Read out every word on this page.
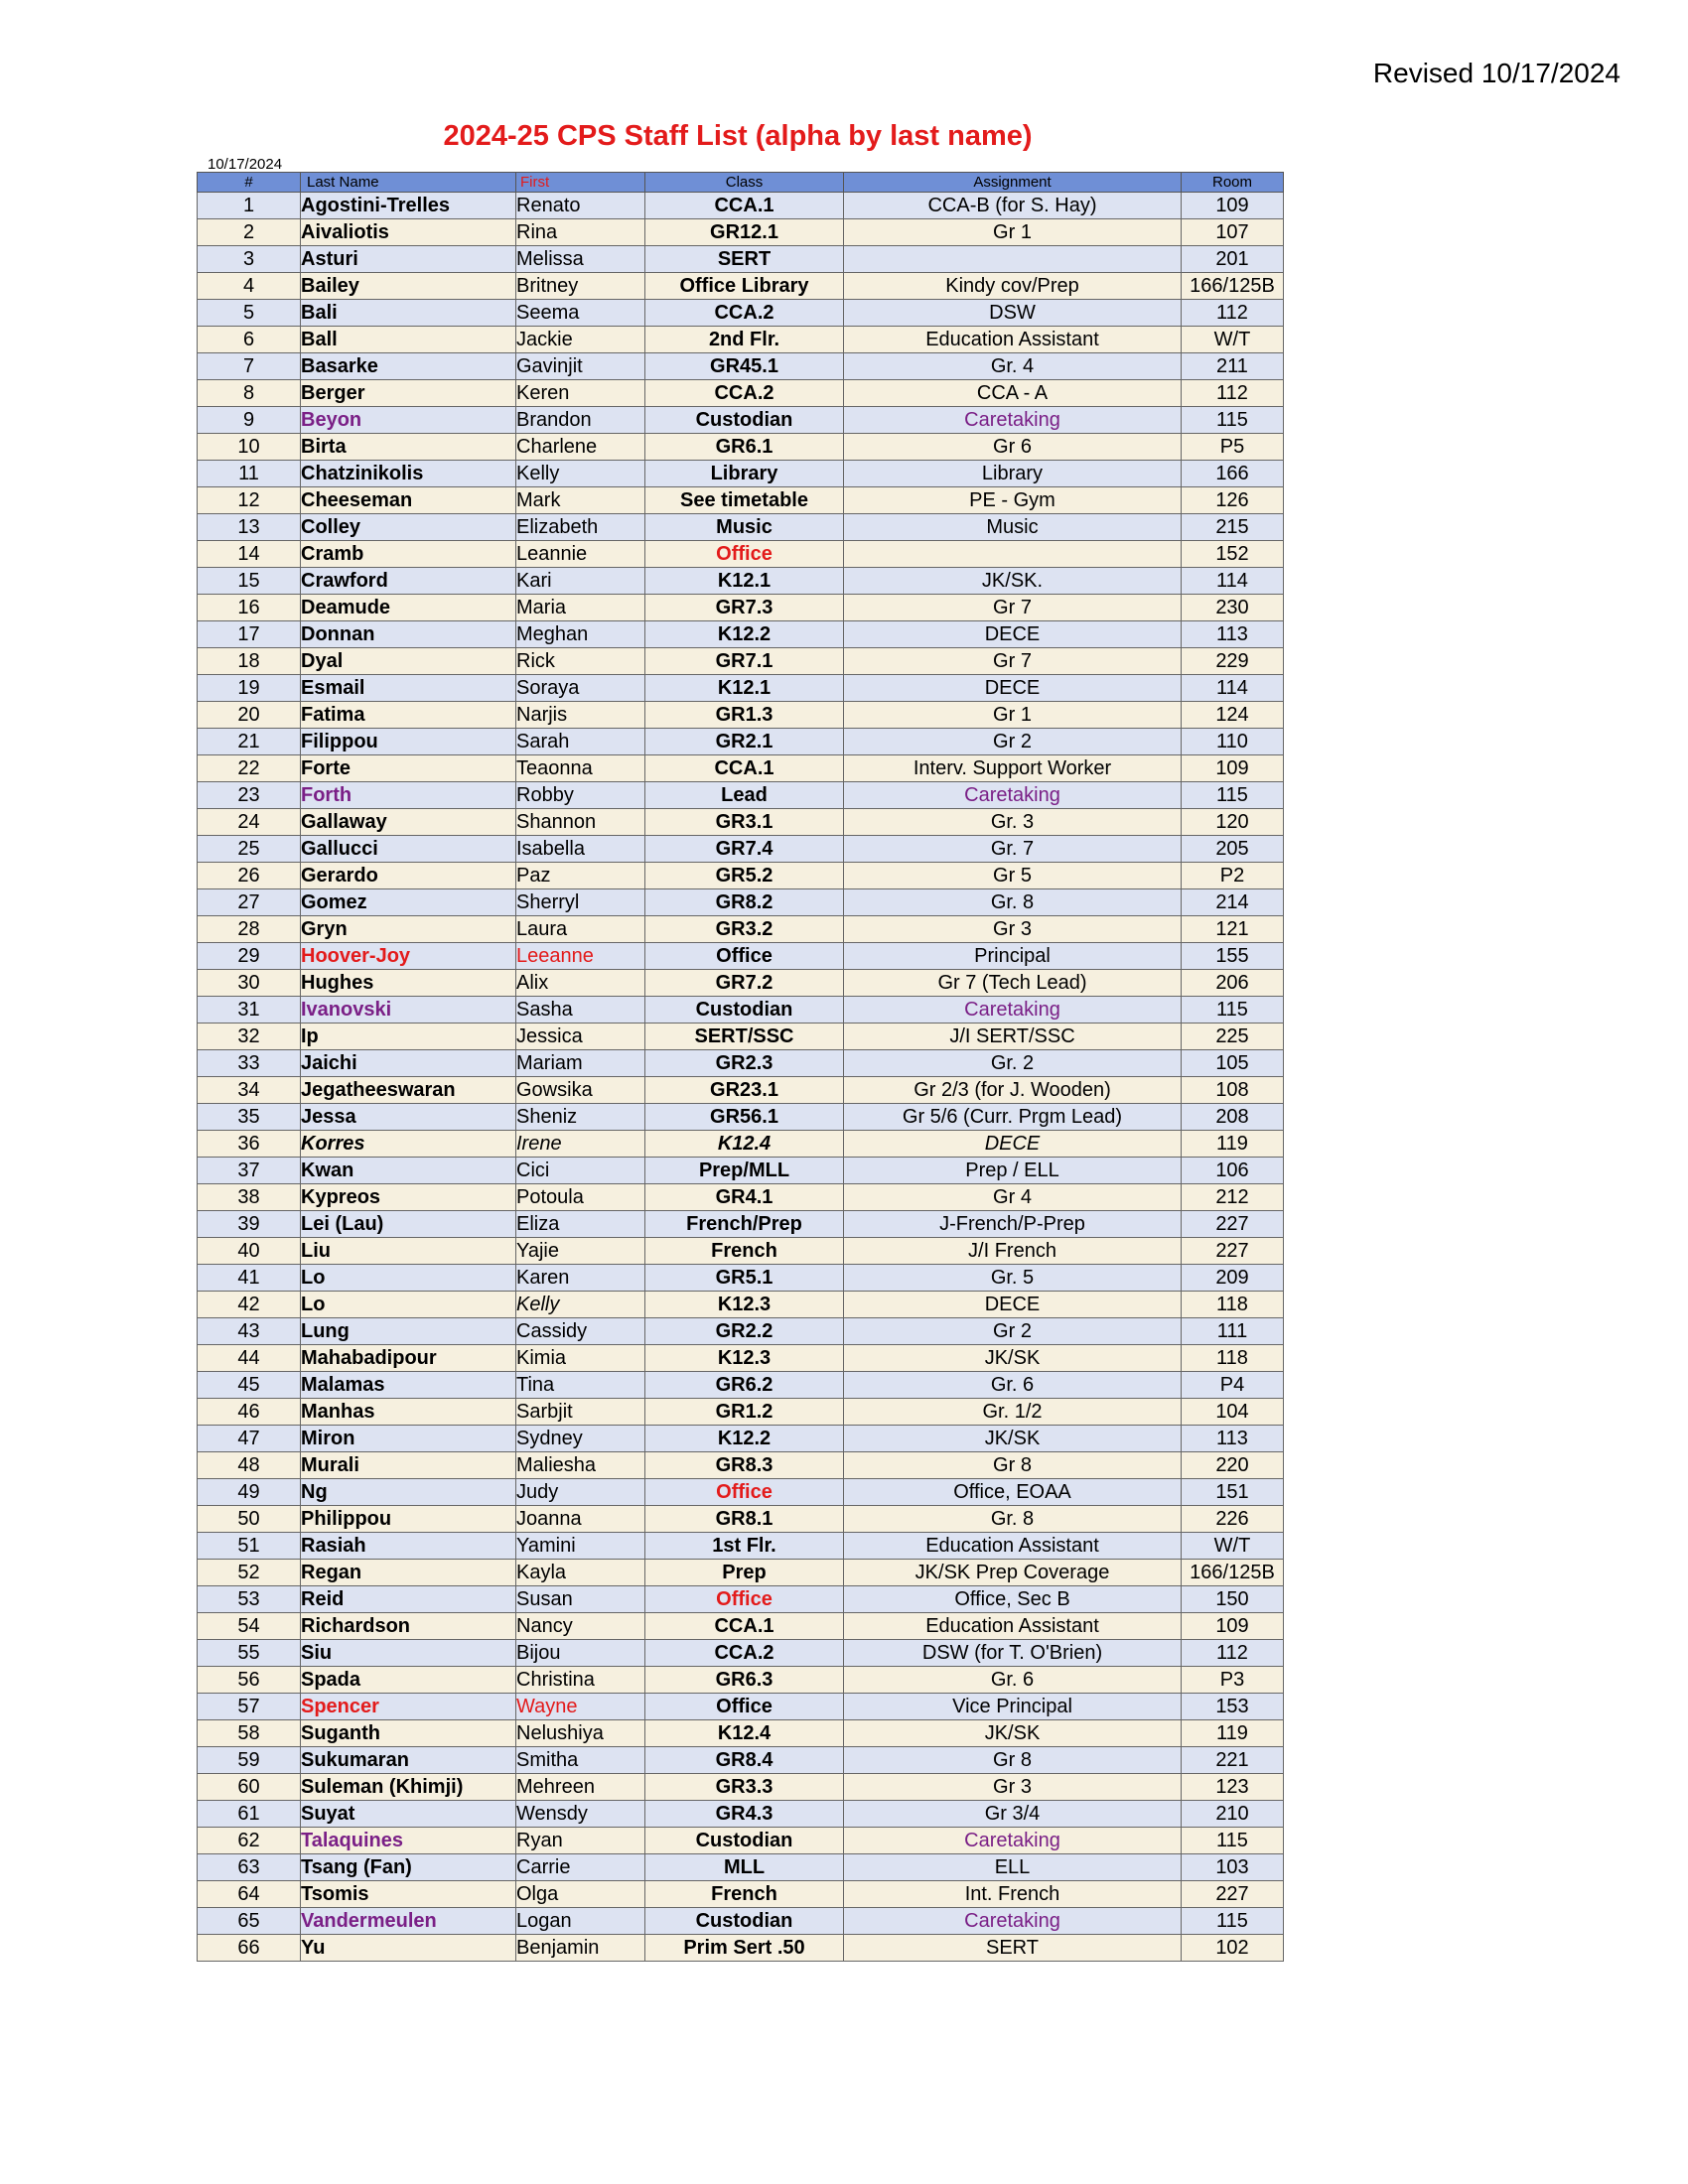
Revised 10/17/2024
2024-25 CPS Staff List (alpha by last name)
10/17/2024
#	Last Name	First	Class	Assignment	Room
1	Agostini-Trelles	Renato	CCA.1	CCA-B (for S. Hay)	109
2	Aivaliotis	Rina	GR12.1	Gr 1	107
3	Asturi	Melissa	SERT		201
4	Bailey	Britney	Office Library	Kindy cov/Prep	166/125B
5	Bali	Seema	CCA.2	DSW	112
6	Ball	Jackie	2nd Flr.	Education Assistant	W/T
7	Basarke	Gavinjit	GR45.1	Gr. 4	211
8	Berger	Keren	CCA.2	CCA - A	112
9	Beyon	Brandon	Custodian	Caretaking	115
10	Birta	Charlene	GR6.1	Gr 6	P5
11	Chatzinikolis	Kelly	Library	Library	166
12	Cheeseman	Mark	See timetable	PE - Gym	126
13	Colley	Elizabeth	Music	Music	215
14	Cramb	Leannie	Office		152
15	Crawford	Kari	K12.1	JK/SK.	114
16	Deamude	Maria	GR7.3	Gr 7	230
17	Donnan	Meghan	K12.2	DECE	113
18	Dyal	Rick	GR7.1	Gr 7	229
19	Esmail	Soraya	K12.1	DECE	114
20	Fatima	Narjis	GR1.3	Gr 1	124
21	Filippou	Sarah	GR2.1	Gr 2	110
22	Forte	Teaonna	CCA.1	Interv. Support Worker	109
23	Forth	Robby	Lead	Caretaking	115
24	Gallaway	Shannon	GR3.1	Gr. 3	120
25	Gallucci	Isabella	GR7.4	Gr. 7	205
26	Gerardo	Paz	GR5.2	Gr 5	P2
27	Gomez	Sherryl	GR8.2	Gr. 8	214
28	Gryn	Laura	GR3.2	Gr 3	121
29	Hoover-Joy	Leeanne	Office	Principal	155
30	Hughes	Alix	GR7.2	Gr 7 (Tech Lead)	206
31	Ivanovski	Sasha	Custodian	Caretaking	115
32	Ip	Jessica	SERT/SSC	J/I SERT/SSC	225
33	Jaichi	Mariam	GR2.3	Gr. 2	105
34	Jegatheeswaran	Gowsika	GR23.1	Gr 2/3 (for J. Wooden)	108
35	Jessa	Sheniz	GR56.1	Gr 5/6 (Curr. Prgm Lead)	208
36	Korres	Irene	K12.4	DECE	119
37	Kwan	Cici	Prep/MLL	Prep / ELL	106
38	Kypreos	Potoula	GR4.1	Gr 4	212
39	Lei (Lau)	Eliza	French/Prep	J-French/P-Prep	227
40	Liu	Yajie	French	J/I French	227
41	Lo	Karen	GR5.1	Gr. 5	209
42	Lo	Kelly	K12.3	DECE	118
43	Lung	Cassidy	GR2.2	Gr 2	111
44	Mahabadipour	Kimia	K12.3	JK/SK	118
45	Malamas	Tina	GR6.2	Gr. 6	P4
46	Manhas	Sarbjit	GR1.2	Gr. 1/2	104
47	Miron	Sydney	K12.2	JK/SK	113
48	Murali	Maliesha	GR8.3	Gr 8	220
49	Ng	Judy	Office	Office, EOAA	151
50	Philippou	Joanna	GR8.1	Gr. 8	226
51	Rasiah	Yamini	1st Flr.	Education Assistant	W/T
52	Regan	Kayla	Prep	JK/SK Prep Coverage	166/125B
53	Reid	Susan	Office	Office, Sec B	150
54	Richardson	Nancy	CCA.1	Education Assistant	109
55	Siu	Bijou	CCA.2	DSW (for T. O'Brien)	112
56	Spada	Christina	GR6.3	Gr. 6	P3
57	Spencer	Wayne	Office	Vice Principal	153
58	Suganth	Nelushiya	K12.4	JK/SK	119
59	Sukumaran	Smitha	GR8.4	Gr 8	221
60	Suleman (Khimji)	Mehreen	GR3.3	Gr 3	123
61	Suyat	Wensdy	GR4.3	Gr 3/4	210
62	Talaquines	Ryan	Custodian	Caretaking	115
63	Tsang (Fan)	Carrie	MLL	ELL	103
64	Tsomis	Olga	French	Int. French	227
65	Vandermeulen	Logan	Custodian	Caretaking	115
66	Yu	Benjamin	Prim Sert .50	SERT	102
